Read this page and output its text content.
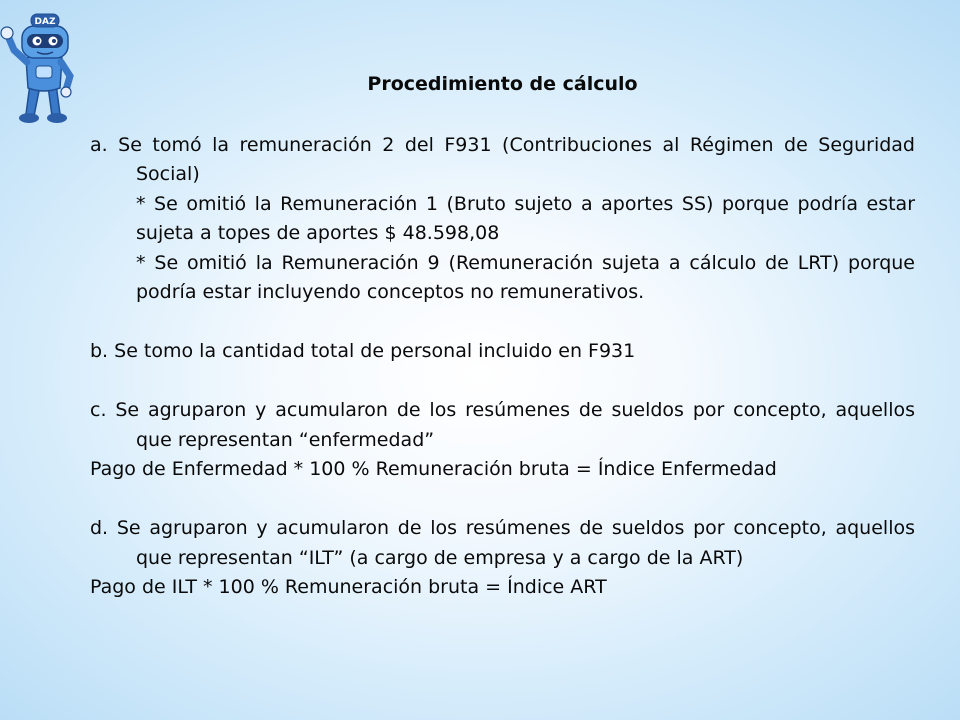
DAZ
Procedimiento de cálculo

a. Se tomó la remuneración 2 del F931 (Contribuciones al Régimen de Seguridad Social)

* Se omitió la Remuneración 1 (Bruto sujeto a aportes SS) porque podría estar sujeta a topes de aportes $ 48.598,08

* Se omitió la Remuneración 9 (Remuneración sujeta a cálculo de LRT) porque podría estar incluyendo conceptos no remunerativos.

b. Se tomo la cantidad total de personal incluido en F931

c. Se agruparon y acumularon de los resúmenes de sueldos por concepto, aquellos que representan “enfermedad”

Pago de Enfermedad * 100 % Remuneración bruta = Índice Enfermedad

d. Se agruparon y acumularon de los resúmenes de sueldos por concepto, aquellos que representan “ILT” (a cargo de empresa y a cargo de la ART)

Pago de ILT * 100 % Remuneración bruta = Índice ART
